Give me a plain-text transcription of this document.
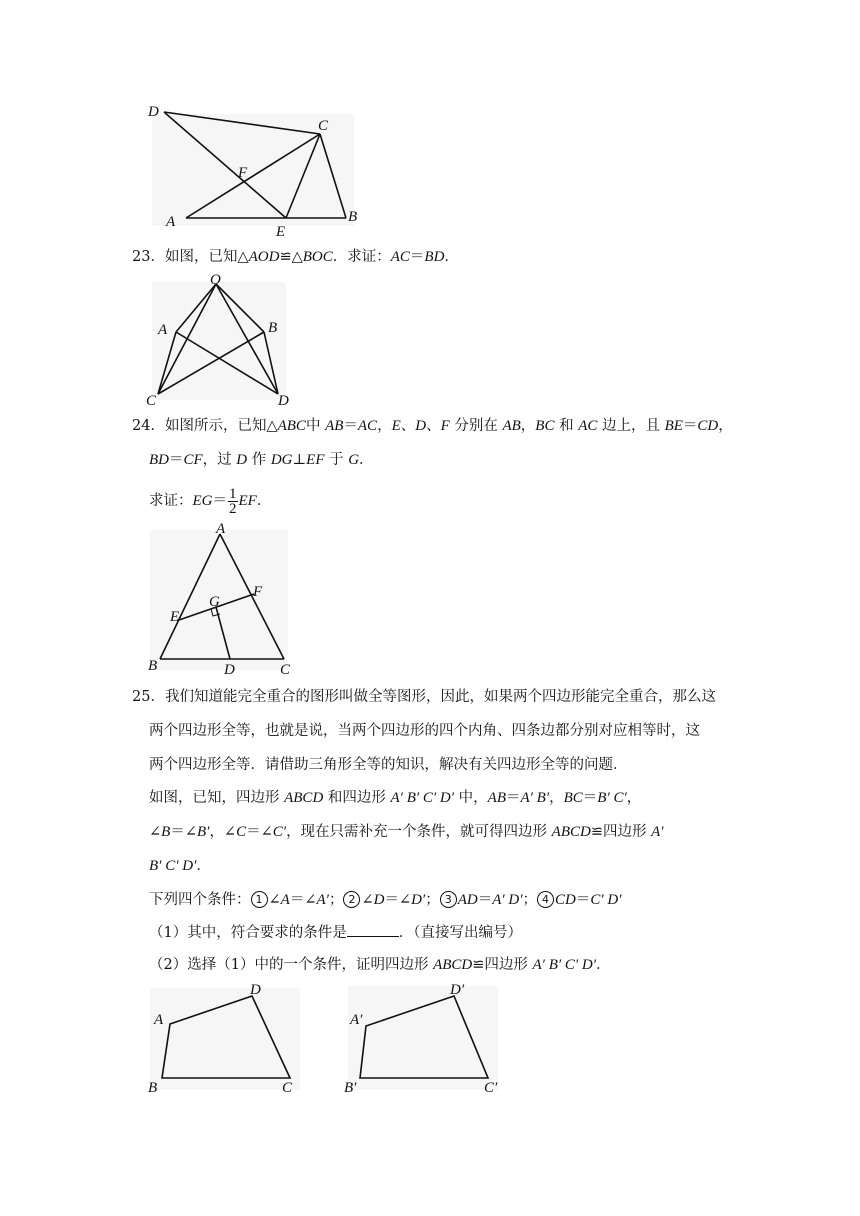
D
C
F
A
E
B
23．如图，已知△AOD≌△BOC．求证：AC＝BD．
O
A	B
C	D
24．如图所示，已知△ABC中 AB＝AC，E、D、F 分别在 AB，BC 和 AC 边上，且 BE＝CD，
BD＝CF，过 D 作 DG⊥EF 于 G．
求证：$EG= \frac{1}{2}$ EF．
A
E
G
F
B	D	C
25．我们知道能完全重合的图形叫做全等图形，因此，如果两个四边形能完全重合，那么这
两个四边形全等，也就是说，当两个四边形的四个内角、四条边都分别对应相等时，这
两个四边形全等．请借助三角形全等的知识，解决有关四边形全等的问题．
如图，已知，四边形 ABCD 和四边形 A′ B′ C′ D′ 中，AB＝A′ B′，BC＝B′ C′，
∠B＝∠B′，∠C＝∠C′，现在只需补充一个条件，就可得四边形 ABCD≌四边形 A′
B′ C′ D′．
下列四个条件： 1 ∠A＝∠A′； 2 ∠D＝∠D′； 3 AD＝A′ D′； 4 CD＝C′ D′
（1）其中，符合要求的条件是	．（直接写出编号）
（2）选择（1）中的一个条件，证明四边形 ABCD≌四边形 A′ B′ C′ D′．
A
D
B	C
A′
D′
B′	C′
